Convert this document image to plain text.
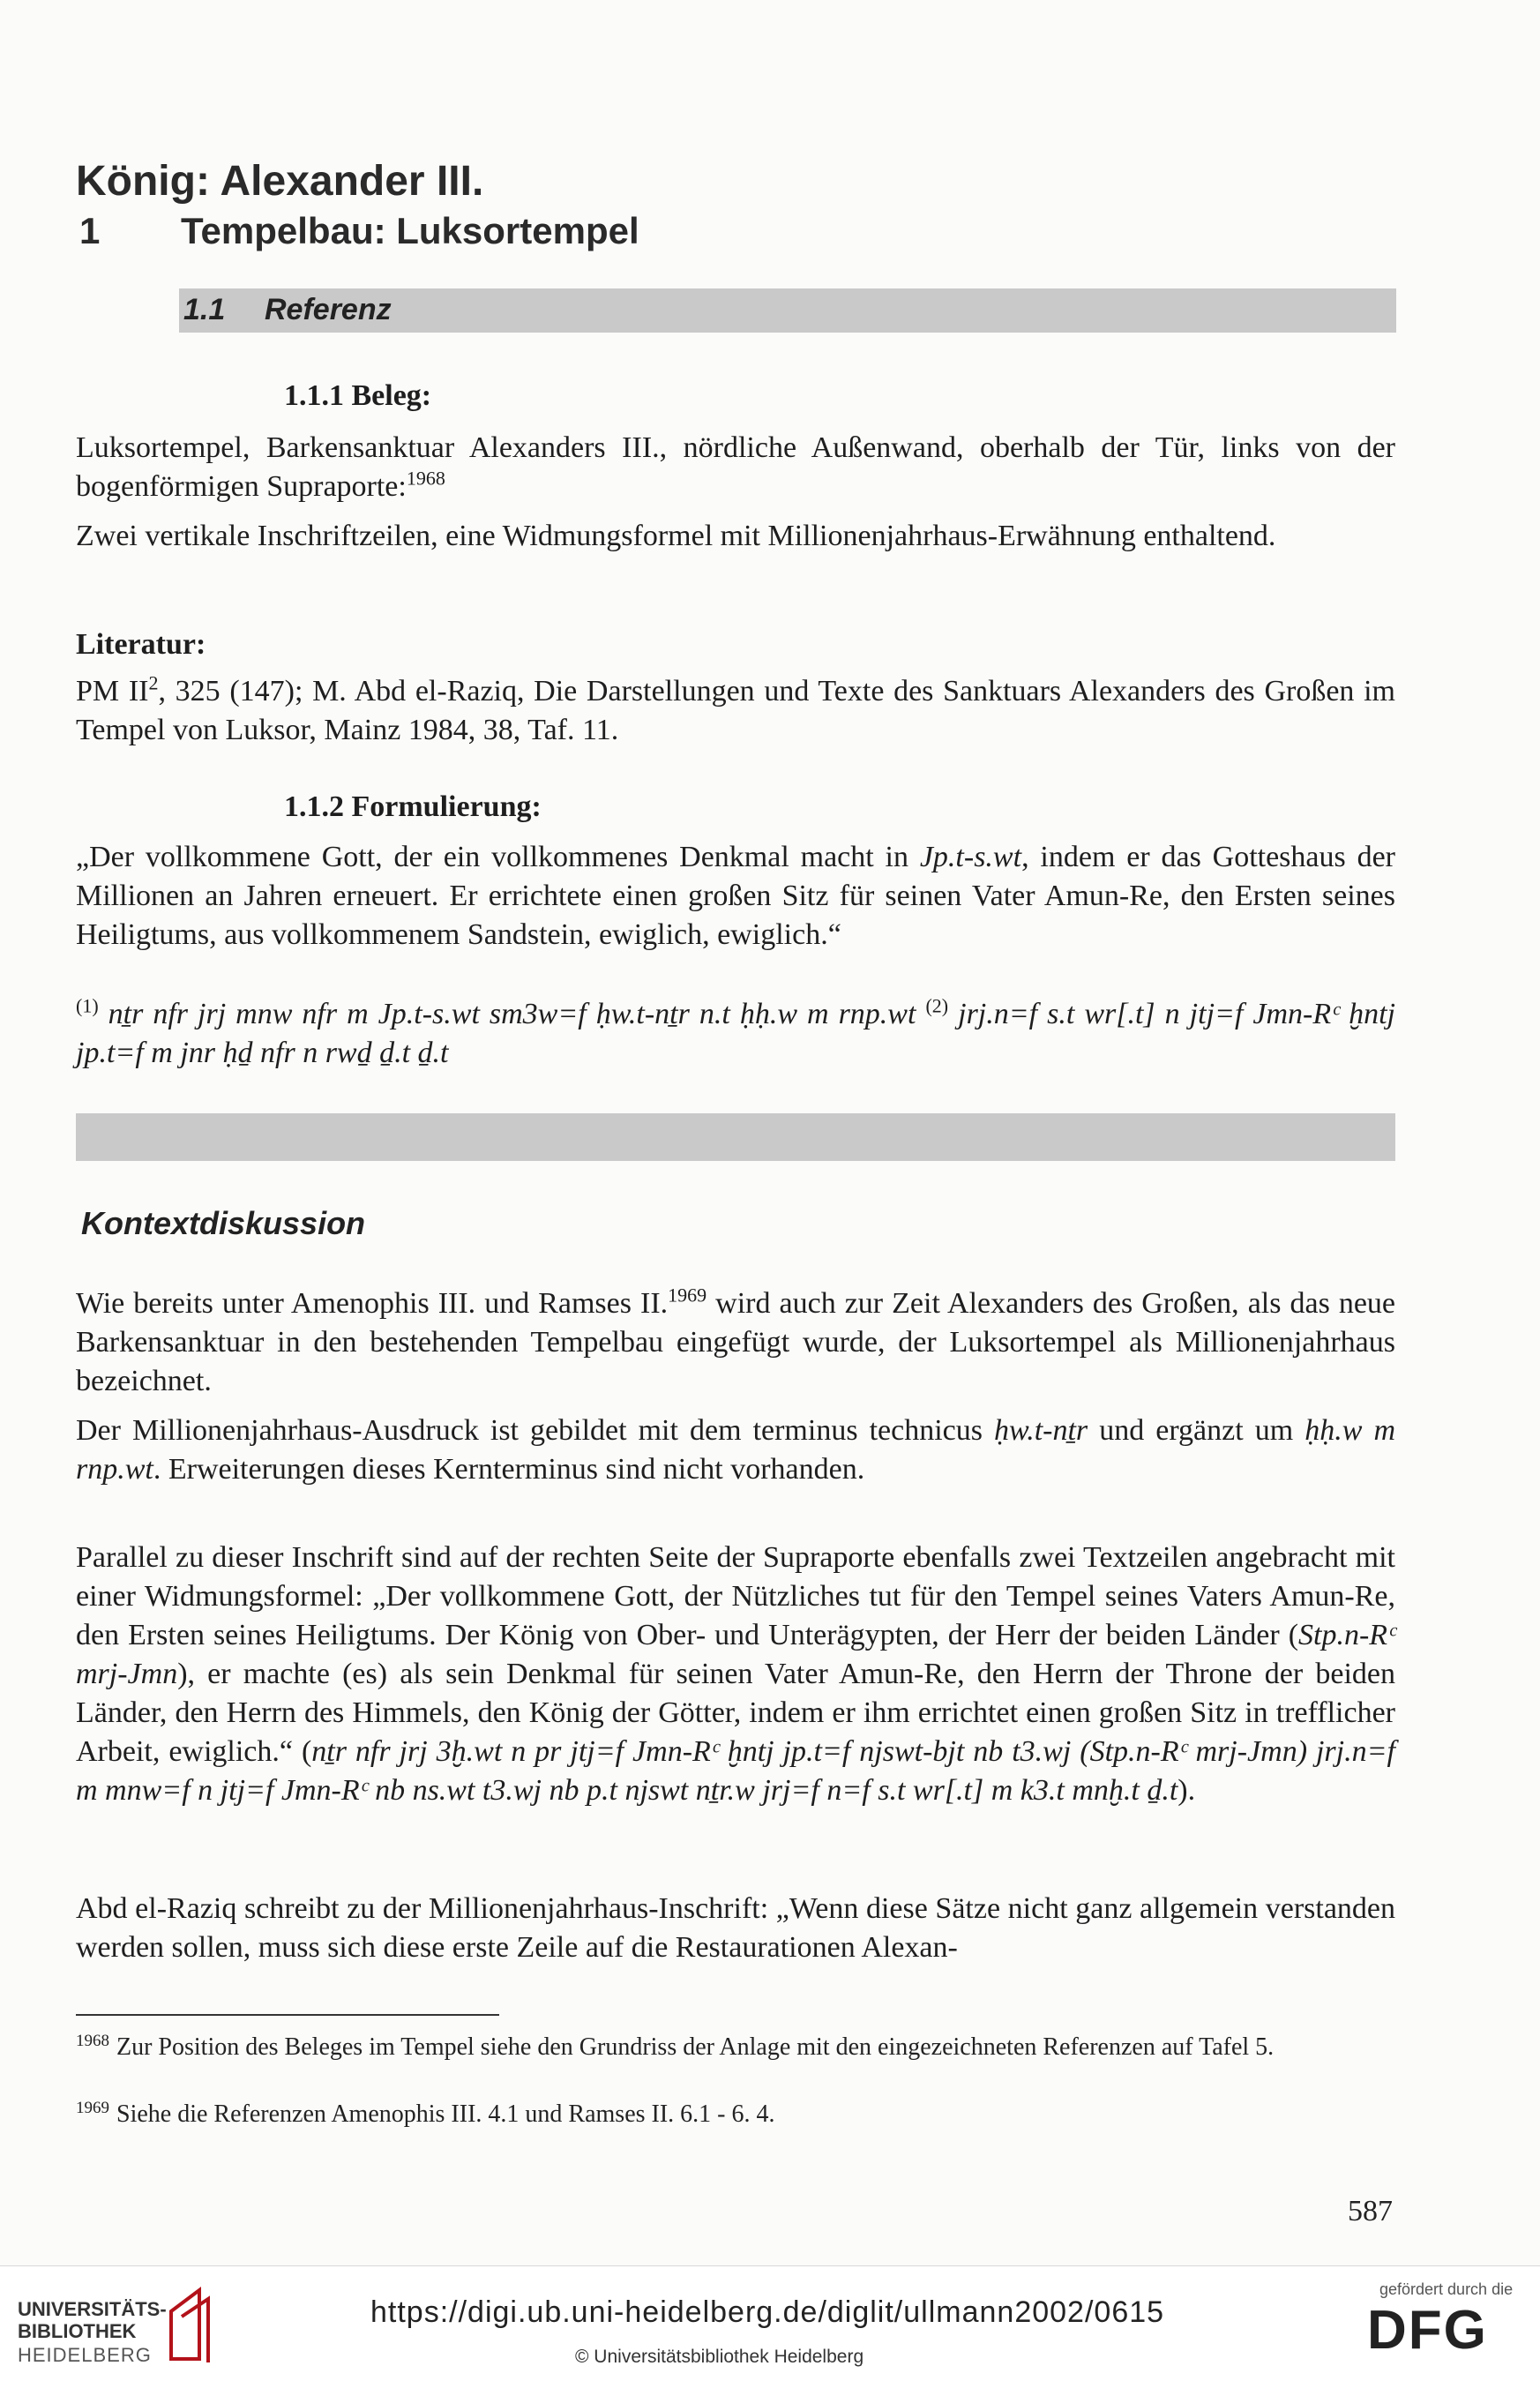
König: Alexander III.
1 Tempelbau: Luksortempel
1.1 Referenz
1.1.1 Beleg:
Luksortempel, Barkensanktuar Alexanders III., nördliche Außenwand, oberhalb der Tür, links von der bogenförmigen Supraporte:$^{1968}$
Zwei vertikale Inschriftzeilen, eine Widmungsformel mit Millionenjahrhaus-Erwähnung enthaltend.
Literatur:
PM $II^2$, 325 (147); M. Abd el-Raziq, Die Darstellungen und Texte des Sanktuars Alexanders des Großen im Tempel von Luksor, Mainz 1984, 38, Taf. 11.
1.1.2 Formulierung:
„Der vollkommene Gott, der ein vollkommenes Denkmal macht in Jp.t-s.wt, indem er das Gotteshaus der Millionen an Jahren erneuert. Er errichtete einen großen Sitz für seinen Vater Amun-Re, den Ersten seines Heiligtums, aus vollkommenem Sandstein, ewiglich, ewiglich.“
$^{(1)}$ nṯr nfr jrj mnw nfr m Jp.t-s.wt sm3w=f ḥw.t-nṯr n.t ḥḥ.w m rnp.wt $^{(2)}$ jrj.n=f s.t wr[.t] n jtj=f Jmn-Rᶜ ḫntj jp.t=f m jnr ḥḏ nfr n rwḏ ḏ.t ḏ.t
Kontextdiskussion
Wie bereits unter Amenophis III. und Ramses II.$^{1969}$ wird auch zur Zeit Alexanders des Großen, als das neue Barkensanktuar in den bestehenden Tempelbau eingefügt wurde, der Luksortempel als Millionenjahrhaus bezeichnet.
Der Millionenjahrhaus-Ausdruck ist gebildet mit dem terminus technicus ḥw.t-nṯr und ergänzt um ḥḥ.w m rnp.wt. Erweiterungen dieses Kernterminus sind nicht vorhanden.
Parallel zu dieser Inschrift sind auf der rechten Seite der Supraporte ebenfalls zwei Textzeilen angebracht mit einer Widmungsformel: „Der vollkommene Gott, der Nützliches tut für den Tempel seines Vaters Amun-Re, den Ersten seines Heiligtums. Der König von Ober- und Unterägypten, der Herr der beiden Länder (Stp.n-Rᶜ mrj-Jmn), er machte (es) als sein Denkmal für seinen Vater Amun-Re, den Herrn der Throne der beiden Länder, den Herrn des Himmels, den König der Götter, indem er ihm errichtet einen großen Sitz in trefflicher Arbeit, ewiglich.“ (nṯr nfr jrj 3ḫ.wt n pr jtj=f Jmn-Rᶜ ḫntj jp.t=f njswt-bjt nb t3.wj (Stp.n-Rᶜ mrj-Jmn) jrj.n=f m mnw=f n jtj=f Jmn-Rᶜ nb ns.wt t3.wj nb p.t njswt nṯr.w jrj=f n=f s.t wr[.t] m k3.t mnḫ.t ḏ.t).
Abd el-Raziq schreibt zu der Millionenjahrhaus-Inschrift: „Wenn diese Sätze nicht ganz allgemein verstanden werden sollen, muss sich diese erste Zeile auf die Restaurationen Alexan-
$^{1968}$ Zur Position des Beleges im Tempel siehe den Grundriss der Anlage mit den eingezeichneten Referenzen auf Tafel 5.
$^{1969}$ Siehe die Referenzen Amenophis III. 4.1 und Ramses II. 6.1 - 6. 4.
587
UNIVERSITÄTS-
BIBLIOTHEK
HEIDELBERG
https://digi.ub.uni-heidelberg.de/diglit/ullmann2002/0615
© Universitätsbibliothek Heidelberg
gefördert durch die
DFG
